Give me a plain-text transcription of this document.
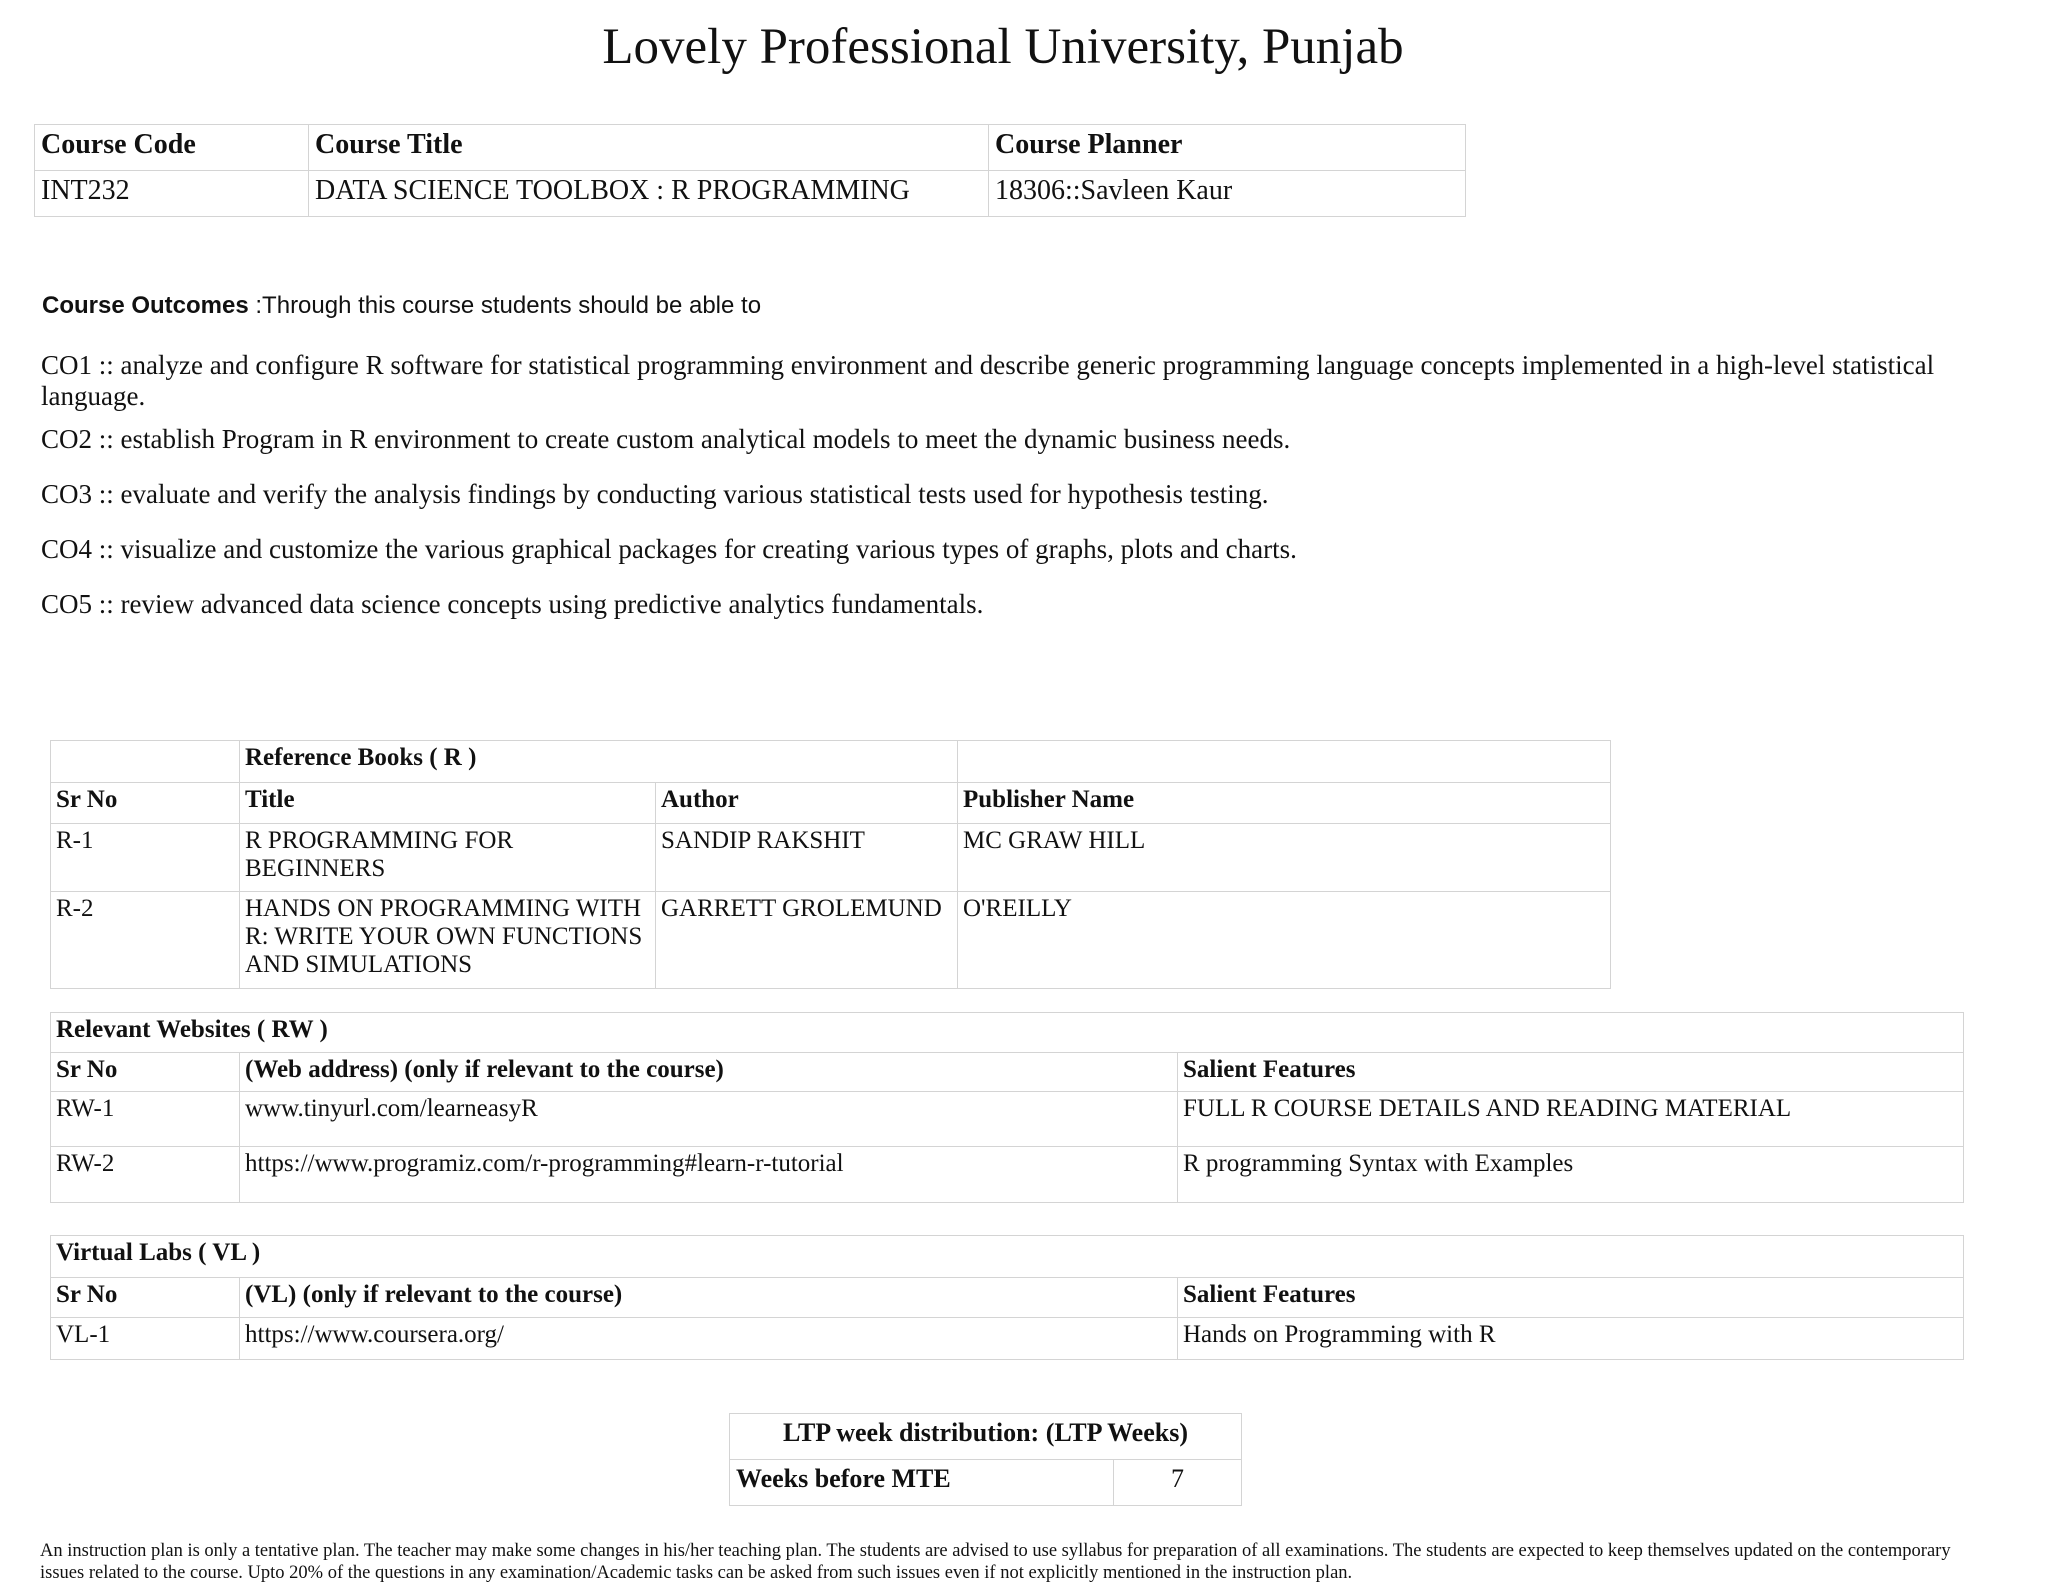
Lovely Professional University, Punjab
Course Code	Course Title	Course Planner
INT232	DATA SCIENCE TOOLBOX : R PROGRAMMING	18306::Savleen Kaur
Course Outcomes :Through this course students should be able to
CO1 :: analyze and configure R software for statistical programming environment and describe generic programming language concepts implemented in a high-level statistical language.
CO2 :: establish Program in R environment to create custom analytical models to meet the dynamic business needs.
CO3 :: evaluate and verify the analysis findings by conducting various statistical tests used for hypothesis testing.
CO4 :: visualize and customize the various graphical packages for creating various types of graphs, plots and charts.
CO5 :: review advanced data science concepts using predictive analytics fundamentals.
	Reference Books ( R )		
Sr No	Title	Author	Publisher Name
R-1	R PROGRAMMING FOR BEGINNERS	SANDIP RAKSHIT	MC GRAW HILL
R-2	HANDS ON PROGRAMMING WITH R: WRITE YOUR OWN FUNCTIONS AND SIMULATIONS	GARRETT GROLEMUND	O'REILLY
Relevant Websites ( RW )		
Sr No	(Web address) (only if relevant to the course)	Salient Features
RW-1	www.tinyurl.com/learneasyR	FULL R COURSE DETAILS AND READING MATERIAL
RW-2	https://www.programiz.com/r-programming#learn-r-tutorial	R programming Syntax with Examples
Virtual Labs ( VL )		
Sr No	(VL) (only if relevant to the course)	Salient Features
VL-1	https://www.coursera.org/	Hands on Programming with R
LTP week distribution: (LTP Weeks)
Weeks before MTE	7
An instruction plan is only a tentative plan. The teacher may make some changes in his/her teaching plan. The students are advised to use syllabus for preparation of all examinations. The students are expected to keep themselves updated on the contemporary issues related to the course. Upto 20% of the questions in any examination/Academic tasks can be asked from such issues even if not explicitly mentioned in the instruction plan.
